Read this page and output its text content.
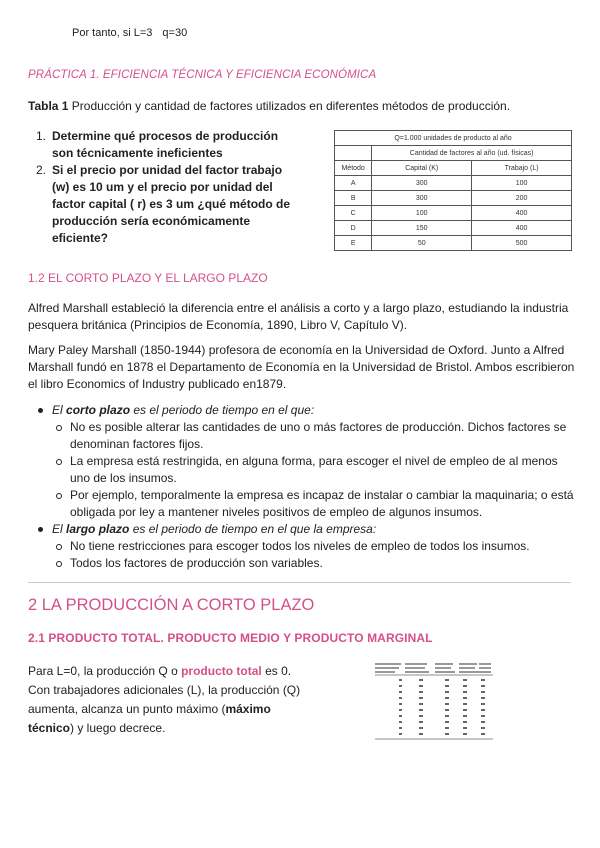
Por tanto, si L=3 q=30
PRÁCTICA 1. EFICIENCIA TÉCNICA Y EFICIENCIA ECONÓMICA
Tabla 1 Producción y cantidad de factores utilizados en diferentes métodos de producción.
1. Determine qué procesos de producción son técnicamente ineficientes
2. Si el precio por unidad del factor trabajo (w) es 10 um y el precio por unidad del factor capital ( r) es 3 um ¿qué método de producción sería económicamente eficiente?
Q=1.000 unidades de producto al año		
	Cantidad de factores al año (ud. físicas)	
Método	Capital (K)	Trabajo (L)
A	300	100
B	300	200
C	100	400
D	150	400
E	50	500
1.2 EL CORTO PLAZO Y EL LARGO PLAZO

Alfred Marshall estableció la diferencia entre el análisis a corto y a largo plazo, estudiando la industria pesquera británica (Principios de Economía, 1890, Libro V, Capítulo V).

Mary Paley Marshall (1850-1944) profesora de economía en la Universidad de Oxford. Junto a Alfred Marshall fundó en 1878 el Departamento de Economía en la Universidad de Bristol. Ambos escribieron el libro Economics of Industry publicado en1879.

El corto plazo es el periodo de tiempo en el que:
No es posible alterar las cantidades de uno o más factores de producción. Dichos factores se denominan factores fijos.
La empresa está restringida, en alguna forma, para escoger el nivel de empleo de al menos uno de los insumos.
Por ejemplo, temporalmente la empresa es incapaz de instalar o cambiar la maquinaria; o está obligada por ley a mantener niveles positivos de empleo de algunos insumos.
El largo plazo es el periodo de tiempo en el que la empresa:
No tiene restricciones para escoger todos los niveles de empleo de todos los insumos.
Todos los factores de producción son variables.
2 LA PRODUCCIÓN A CORTO PLAZO
2.1 PRODUCTO TOTAL. PRODUCTO MEDIO Y PRODUCTO MARGINAL

Para L=0, la producción Q o producto total es 0. Con trabajadores adicionales (L), la producción (Q) aumenta, alcanza un punto máximo (máximo técnico) y luego decrece.
